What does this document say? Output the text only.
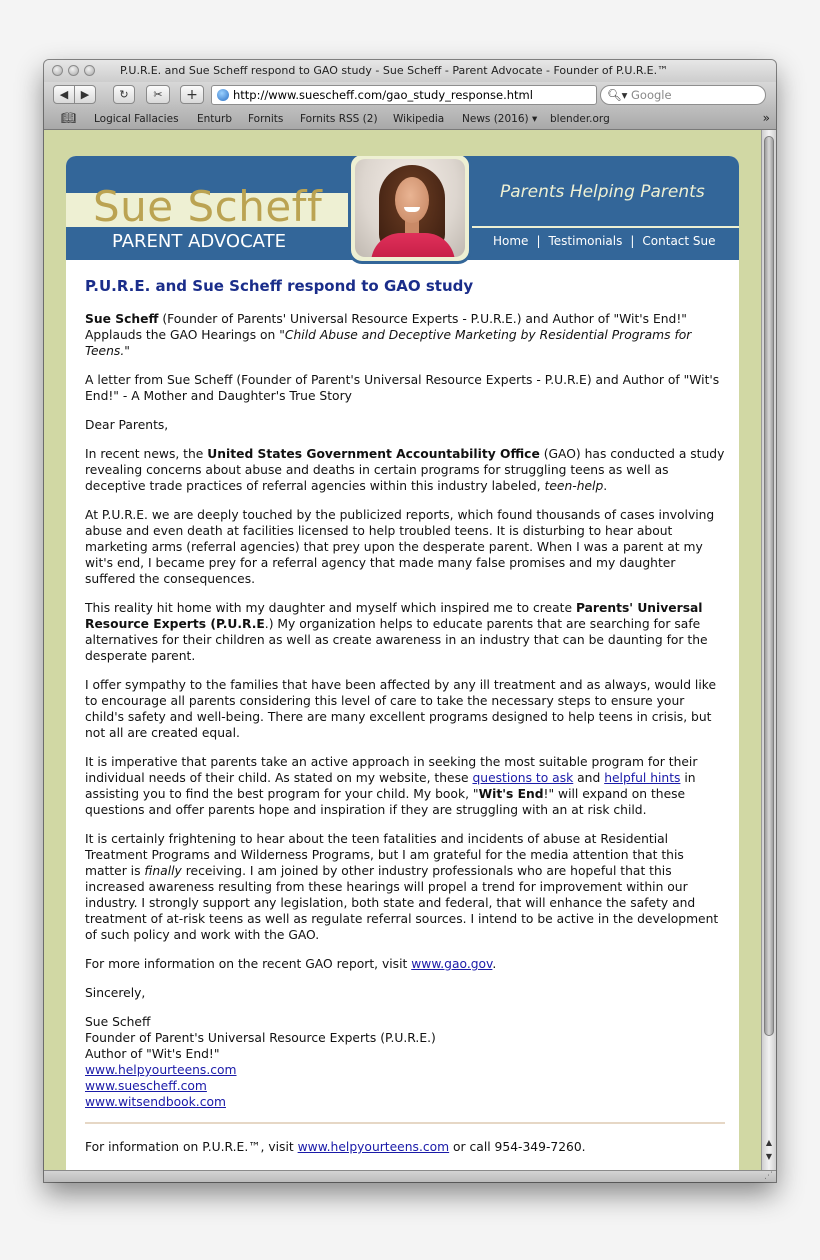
P.U.R.E. and Sue Scheff respond to GAO study - Sue Scheff - Parent Advocate - Founder of P.U.R.E.™
◀ ▶	↻ ✂ +	http://www.suescheff.com/gao_study_response.html	🔍︎▾ Google
📖︎ Logical Fallacies Enturb Fornits Fornits RSS (2) Wikipedia News (2016) ▾ blender.org	»
Sue Scheff
PARENT ADVOCATE
Parents Helping Parents
Home | Testimonials | Contact Sue
P.U.R.E. and Sue Scheff respond to GAO study

Sue Scheff (Founder of Parents' Universal Resource Experts - P.U.R.E.) and Author of "Wit's End!" Applauds the GAO Hearings on "Child Abuse and Deceptive Marketing by Residential Programs for Teens."

A letter from Sue Scheff (Founder of Parent's Universal Resource Experts - P.U.R.E) and Author of "Wit's End!" - A Mother and Daughter's True Story

Dear Parents,

In recent news, the United States Government Accountability Office (GAO) has conducted a study revealing concerns about abuse and deaths in certain programs for struggling teens as well as deceptive trade practices of referral agencies within this industry labeled, teen-help.

At P.U.R.E. we are deeply touched by the publicized reports, which found thousands of cases involving abuse and even death at facilities licensed to help troubled teens. It is disturbing to hear about marketing arms (referral agencies) that prey upon the desperate parent. When I was a parent at my wit's end, I became prey for a referral agency that made many false promises and my daughter suffered the consequences.

This reality hit home with my daughter and myself which inspired me to create Parents' Universal Resource Experts (P.U.R.E.) My organization helps to educate parents that are searching for safe alternatives for their children as well as create awareness in an industry that can be daunting for the desperate parent.

I offer sympathy to the families that have been affected by any ill treatment and as always, would like to encourage all parents considering this level of care to take the necessary steps to ensure your child's safety and well-being. There are many excellent programs designed to help teens in crisis, but not all are created equal.

It is imperative that parents take an active approach in seeking the most suitable program for their individual needs of their child. As stated on my website, these questions to ask and helpful hints in assisting you to find the best program for your child. My book, "Wit's End!" will expand on these questions and offer parents hope and inspiration if they are struggling with an at risk child.

It is certainly frightening to hear about the teen fatalities and incidents of abuse at Residential Treatment Programs and Wilderness Programs, but I am grateful for the media attention that this matter is finally receiving. I am joined by other industry professionals who are hopeful that this increased awareness resulting from these hearings will propel a trend for improvement within our industry. I strongly support any legislation, both state and federal, that will enhance the safety and treatment of at-risk teens as well as regulate referral sources. I intend to be active in the development of such policy and work with the GAO.

For more information on the recent GAO report, visit www.gao.gov.

Sincerely,

Sue Scheff

Founder of Parent's Universal Resource Experts (P.U.R.E.)

Author of "Wit's End!"

www.helpyourteens.com

www.suescheff.com

www.witsendbook.com

For information on P.U.R.E.™, visit www.helpyourteens.com or call 954-349-7260.	▲
▼
⋰
